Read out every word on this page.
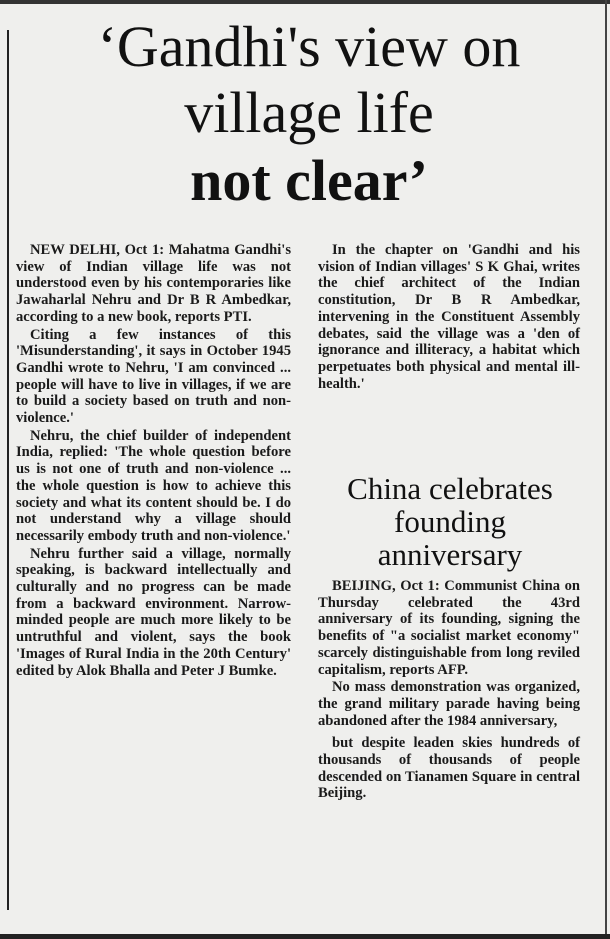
‘Gandhi's view on
village life
not clear’

NEW DELHI, Oct 1: Mahatma Gandhi's view of Indian village life was not understood even by his contemporaries like Jawaharlal Nehru and Dr B R Ambedkar, according to a new book, reports PTI.

Citing a few instances of this 'Misunderstanding', it says in October 1945 Gandhi wrote to Nehru, 'I am convinced ... people will have to live in villages, if we are to build a society based on truth and non-violence.'

Nehru, the chief builder of independent India, replied: 'The whole question before us is not one of truth and non-violence ... the whole question is how to achieve this society and what its content should be. I do not understand why a village should necessarily embody truth and non-violence.'

Nehru further said a village, normally speaking, is backward intellectually and culturally and no progress can be made from a backward environment. Narrow-minded people are much more likely to be untruthful and violent, says the book 'Images of Rural India in the 20th Century' edited by Alok Bhalla and Peter J Bumke.

In the chapter on 'Gandhi and his vision of Indian villages' S K Ghai, writes the chief architect of the Indian constitution, Dr B R Ambedkar, intervening in the Constituent Assembly debates, said the village was a 'den of ignorance and illiteracy, a habitat which perpetuates both physical and mental ill-health.'

China celebrates
founding
anniversary

BEIJING, Oct 1: Communist China on Thursday celebrated the 43rd anniversary of its founding, signing the benefits of "a socialist market economy" scarcely distinguishable from long reviled capitalism, reports AFP.

No mass demonstration was organized, the grand military parade having being abandoned after the 1984 anniversary,

but despite leaden skies hundreds of thousands of thousands of people descended on Tianamen Square in central Beijing.
